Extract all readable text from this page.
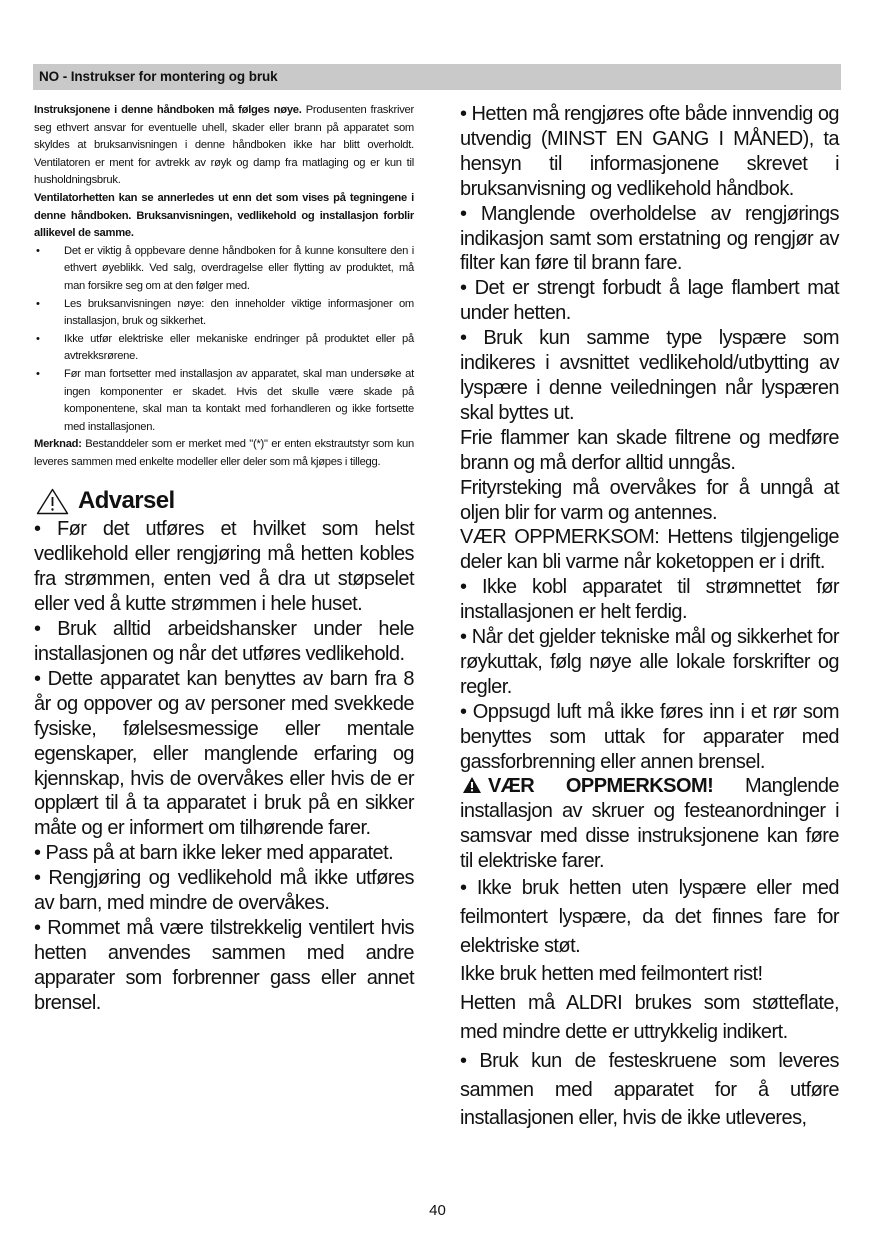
NO - Instrukser for montering og bruk

Instruksjonene i denne håndboken må følges nøye. Produsenten fraskriver seg ethvert ansvar for eventuelle uhell, skader eller brann på apparatet som skyldes at bruksanvisningen i denne håndboken ikke har blitt overholdt. Ventilatoren er ment for avtrekk av røyk og damp fra matlaging og er kun til husholdningsbruk.

Ventilatorhetten kan se annerledes ut enn det som vises på tegningene i denne håndboken. Bruksanvisningen, vedlikehold og installasjon forblir allikevel de samme.

• Det er viktig å oppbevare denne håndboken for å kunne konsultere den i ethvert øyeblikk. Ved salg, overdragelse eller flytting av produktet, må man forsikre seg om at den følger med.
• Les bruksanvisningen nøye: den inneholder viktige informasjoner om installasjon, bruk og sikkerhet.
• Ikke utfør elektriske eller mekaniske endringer på produktet eller på avtrekksrørene.
• Før man fortsetter med installasjon av apparatet, skal man undersøke at ingen komponenter er skadet. Hvis det skulle være skade på komponentene, skal man ta kontakt med forhandleren og ikke fortsette med installasjonen.

Merknad: Bestanddeler som er merket med "(*)" er enten ekstrautstyr som kun leveres sammen med enkelte modeller eller deler som må kjøpes i tillegg.

Advarsel

• Før det utføres et hvilket som helst vedlikehold eller rengjøring må hetten kobles fra strømmen, enten ved å dra ut støpselet eller ved å kutte strømmen i hele huset.

• Bruk alltid arbeidshansker under hele installasjonen og når det utføres vedlikehold.

• Dette apparatet kan benyttes av barn fra 8 år og oppover og av personer med svekkede fysiske, følelsesmessige eller mentale egenskaper, eller manglende erfaring og kjennskap, hvis de overvåkes eller hvis de er opplært til å ta apparatet i bruk på en sikker måte og er informert om tilhørende farer.

• Pass på at barn ikke leker med apparatet.

• Rengjøring og vedlikehold må ikke utføres av barn, med mindre de overvåkes.

• Rommet må være tilstrekkelig ventilert hvis hetten anvendes sammen med andre apparater som forbrenner gass eller annet brensel.

• Hetten må rengjøres ofte både innvendig og utvendig (MINST EN GANG I MÅNED), ta hensyn til informasjonene skrevet i bruksanvisning og vedlikehold håndbok.

• Manglende overholdelse av rengjørings indikasjon samt som erstatning og rengjør av filter kan føre til brann fare.

• Det er strengt forbudt å lage flambert mat under hetten.

• Bruk kun samme type lyspære som indikeres i avsnittet vedlikehold/utbytting av lyspære i denne veiledningen når lyspæren skal byttes ut.

Frie flammer kan skade filtrene og medføre brann og må derfor alltid unngås.

Frityrsteking må overvåkes for å unngå at oljen blir for varm og antennes.

VÆR OPPMERKSOM: Hettens tilgjengelige deler kan bli varme når koketoppen er i drift.

• Ikke kobl apparatet til strømnettet før installasjonen er helt ferdig.

• Når det gjelder tekniske mål og sikkerhet for røykuttak, følg nøye alle lokale forskrifter og regler.

• Oppsugd luft må ikke føres inn i et rør som benyttes som uttak for apparater med gassforbrenning eller annen brensel.

VÆR OPPMERKSOM! Manglende installasjon av skruer og festeanordninger i samsvar med disse instruksjonene kan føre til elektriske farer.

• Ikke bruk hetten uten lyspære eller med feilmontert lyspære, da det finnes fare for elektriske støt.

Ikke bruk hetten med feilmontert rist!

Hetten må ALDRI brukes som støtteflate, med mindre dette er uttrykkelig indikert.

• Bruk kun de festeskruene som leveres sammen med apparatet for å utføre installasjonen eller, hvis de ikke utleveres,

40
